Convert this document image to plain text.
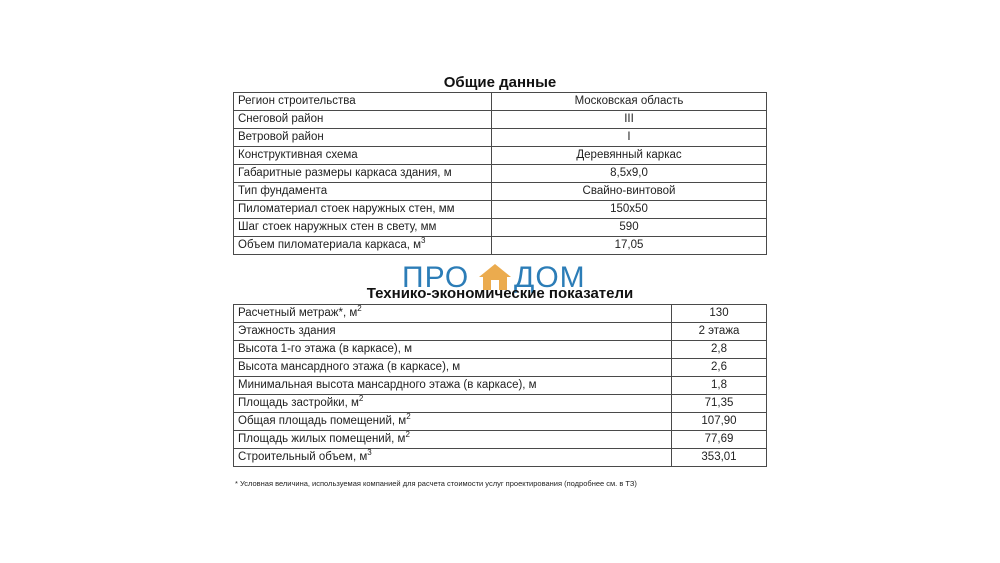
Общие данные
Регион строительства	Московская область
Снеговой район	III
Ветровой район	I
Конструктивная схема	Деревянный каркас
Габаритные размеры каркаса здания, м	8,5х9,0
Тип фундамента	Свайно-винтовой
Пиломатериал стоек наружных стен, мм	150х50
Шаг стоек наружных стен в свету, мм	590
Объем пиломатериала каркаса, $м^3$	17,05
ПРО ДОМ
Технико-экономические показатели
Расчетный метраж*, $м^2$	130
Этажность здания	2 этажа
Высота 1-го этажа (в каркасе), м	2,8
Высота мансардного этажа (в каркасе), м	2,6
Минимальная высота мансардного этажа (в каркасе), м	1,8
Площадь застройки, $м^2$	71,35
Общая площадь помещений, $м^2$	107,90
Площадь жилых помещений, $м^2$	77,69
Строительный объем, $м^3$	353,01
* Условная величина, используемая компанией для расчета стоимости услуг проектирования (подробнее см. в ТЗ)
